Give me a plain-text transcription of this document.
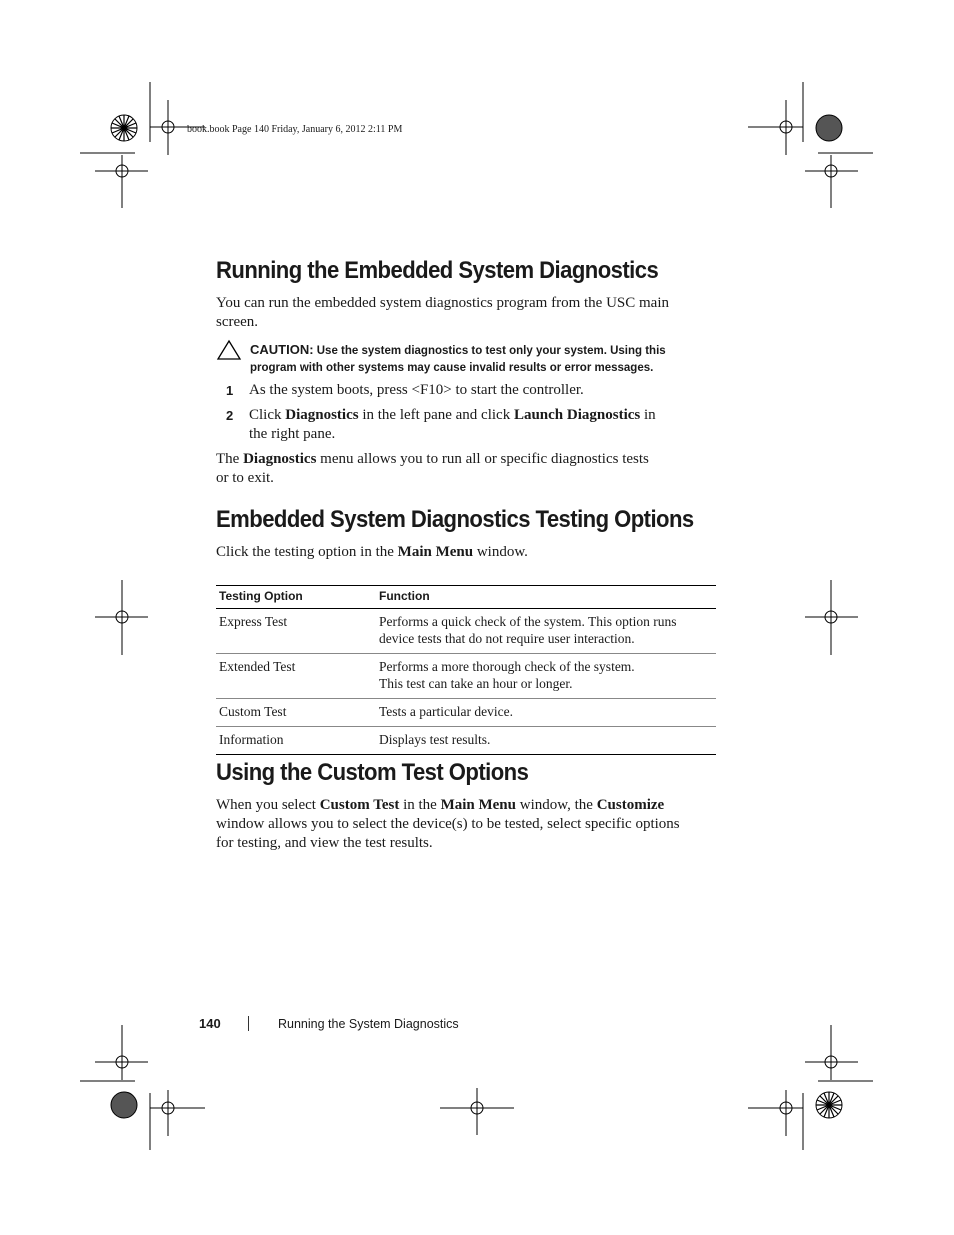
book.book Page 140 Friday, January 6, 2012 2:11 PM
Running the Embedded System Diagnostics
You can run the embedded system diagnostics program from the USC main
screen.
CAUTION: Use the system diagnostics to test only your system. Using this
program with other systems may cause invalid results or error messages.
1 As the system boots, press <F10> to start the controller.
2 Click Diagnostics in the left pane and click Launch Diagnostics in
the right pane.
The Diagnostics menu allows you to run all or specific diagnostics tests
or to exit.
Embedded System Diagnostics Testing Options
Click the testing option in the Main Menu window.
Testing Option	Function
Express Test	Performs a quick check of the system. This option runs
device tests that do not require user interaction.

Extended Test	Performs a more thorough check of the system.
This test can take an hour or longer.

Custom Test	Tests a particular device.
Information	Displays test results.
Using the Custom Test Options
When you select Custom Test in the Main Menu window, the Customize
window allows you to select the device(s) to be tested, select specific options
for testing, and view the test results.
140	Running the System Diagnostics
